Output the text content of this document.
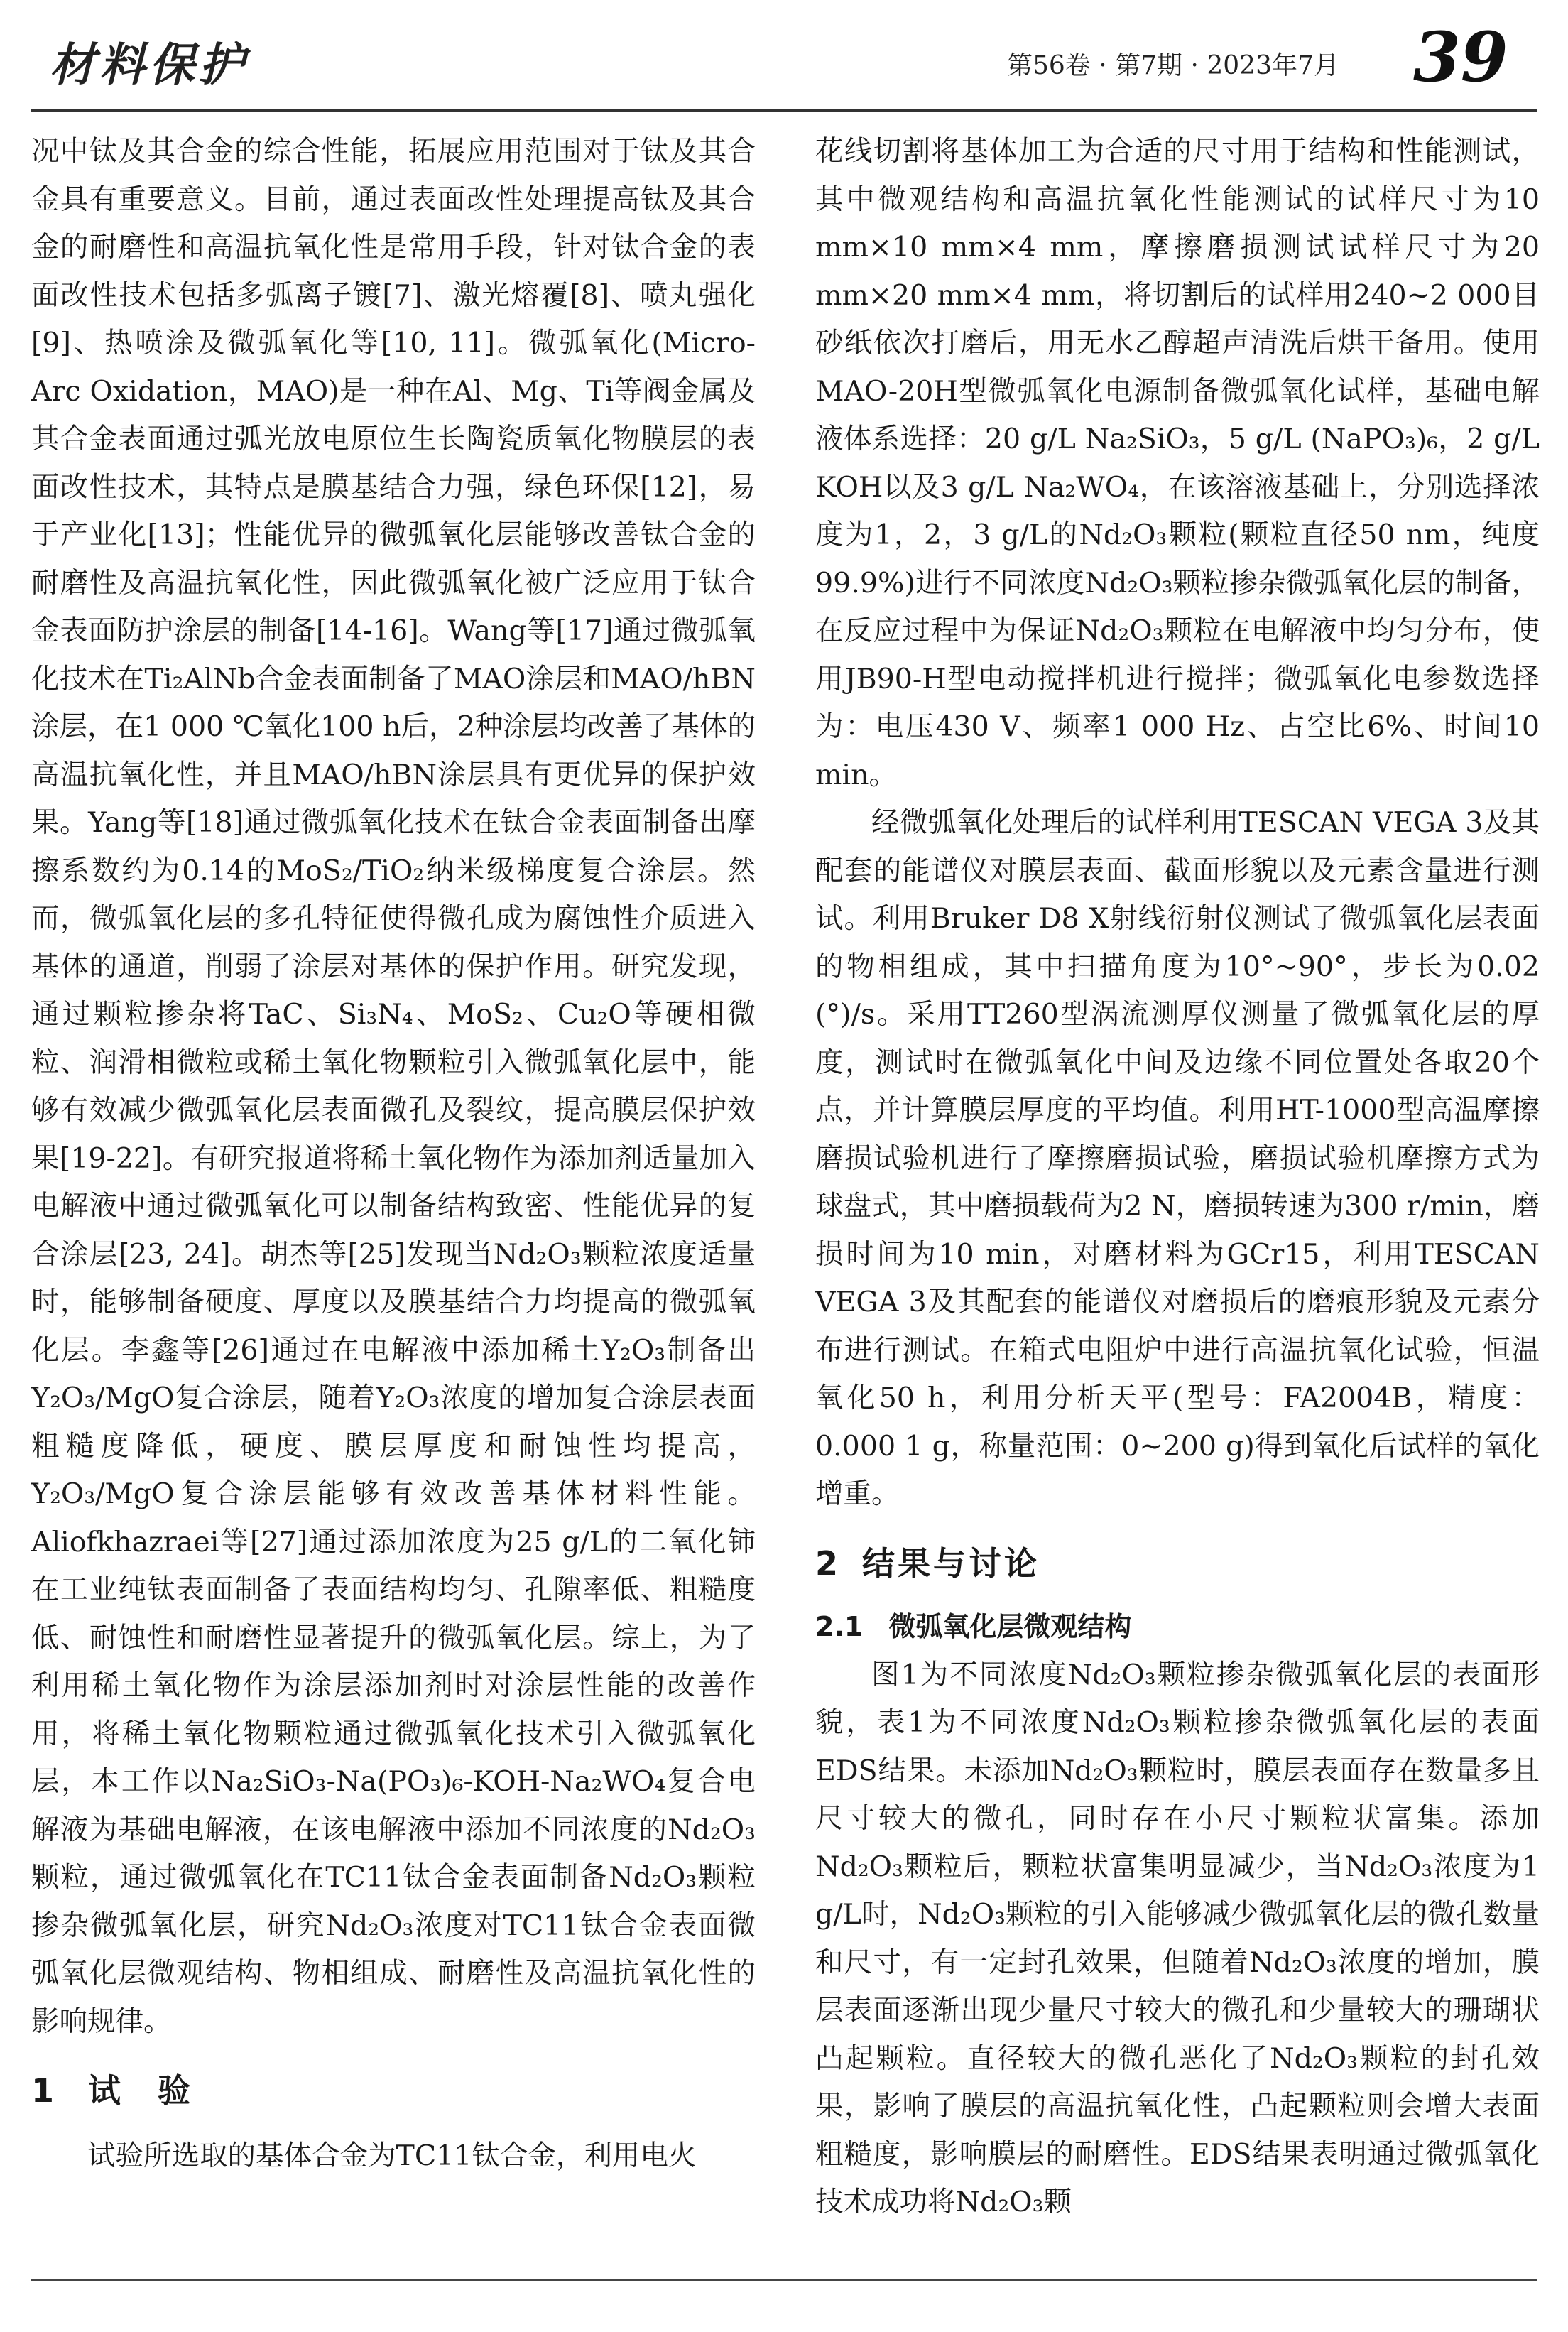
材料保护	第56卷 · 第7期 · 2023年7月 39

况中钛及其合金的综合性能，拓展应用范围对于钛及其合金具有重要意义。目前，通过表面改性处理提高钛及其合金的耐磨性和高温抗氧化性是常用手段，针对钛合金的表面改性技术包括多弧离子镀[7]、激光熔覆[8]、喷丸强化[9]、热喷涂及微弧氧化等[10, 11]。微弧氧化(Micro-Arc Oxidation，MAO)是一种在Al、Mg、Ti等阀金属及其合金表面通过弧光放电原位生长陶瓷质氧化物膜层的表面改性技术，其特点是膜基结合力强，绿色环保[12]，易于产业化[13]；性能优异的微弧氧化层能够改善钛合金的耐磨性及高温抗氧化性，因此微弧氧化被广泛应用于钛合金表面防护涂层的制备[14-16]。Wang等[17]通过微弧氧化技术在Ti₂AlNb合金表面制备了MAO涂层和MAO/hBN涂层，在1 000 ℃氧化100 h后，2种涂层均改善了基体的高温抗氧化性，并且MAO/hBN涂层具有更优异的保护效果。Yang等[18]通过微弧氧化技术在钛合金表面制备出摩擦系数约为0.14的MoS₂/TiO₂纳米级梯度复合涂层。然而，微弧氧化层的多孔特征使得微孔成为腐蚀性介质进入基体的通道，削弱了涂层对基体的保护作用。研究发现，通过颗粒掺杂将TaC、Si₃N₄、MoS₂、Cu₂O等硬相微粒、润滑相微粒或稀土氧化物颗粒引入微弧氧化层中，能够有效减少微弧氧化层表面微孔及裂纹，提高膜层保护效果[19-22]。有研究报道将稀土氧化物作为添加剂适量加入电解液中通过微弧氧化可以制备结构致密、性能优异的复合涂层[23, 24]。胡杰等[25]发现当Nd₂O₃颗粒浓度适量时，能够制备硬度、厚度以及膜基结合力均提高的微弧氧化层。李鑫等[26]通过在电解液中添加稀土Y₂O₃制备出Y₂O₃/MgO复合涂层，随着Y₂O₃浓度的增加复合涂层表面粗糙度降低，硬度、膜层厚度和耐蚀性均提高，Y₂O₃/MgO复合涂层能够有效改善基体材料性能。Aliofkhazraei等[27]通过添加浓度为25 g/L的二氧化铈在工业纯钛表面制备了表面结构均匀、孔隙率低、粗糙度低、耐蚀性和耐磨性显著提升的微弧氧化层。综上，为了利用稀土氧化物作为涂层添加剂时对涂层性能的改善作用，将稀土氧化物颗粒通过微弧氧化技术引入微弧氧化层，本工作以Na₂SiO₃-Na(PO₃)₆-KOH-Na₂WO₄复合电解液为基础电解液，在该电解液中添加不同浓度的Nd₂O₃颗粒，通过微弧氧化在TC11钛合金表面制备Nd₂O₃颗粒掺杂微弧氧化层，研究Nd₂O₃浓度对TC11钛合金表面微弧氧化层微观结构、物相组成、耐磨性及高温抗氧化性的影响规律。

1 试 验

试验所选取的基体合金为TC11钛合金，利用电火

花线切割将基体加工为合适的尺寸用于结构和性能测试，其中微观结构和高温抗氧化性能测试的试样尺寸为10 mm×10 mm×4 mm，摩擦磨损测试试样尺寸为20 mm×20 mm×4 mm，将切割后的试样用240~2 000目砂纸依次打磨后，用无水乙醇超声清洗后烘干备用。使用MAO-20H型微弧氧化电源制备微弧氧化试样，基础电解液体系选择：20 g/L Na₂SiO₃，5 g/L (NaPO₃)₆，2 g/L KOH以及3 g/L Na₂WO₄，在该溶液基础上，分别选择浓度为1，2，3 g/L的Nd₂O₃颗粒(颗粒直径50 nm，纯度99.9%)进行不同浓度Nd₂O₃颗粒掺杂微弧氧化层的制备，在反应过程中为保证Nd₂O₃颗粒在电解液中均匀分布，使用JB90-H型电动搅拌机进行搅拌；微弧氧化电参数选择为：电压430 V、频率1 000 Hz、占空比6%、时间10 min。

经微弧氧化处理后的试样利用TESCAN VEGA 3及其配套的能谱仪对膜层表面、截面形貌以及元素含量进行测试。利用Bruker D8 X射线衍射仪测试了微弧氧化层表面的物相组成，其中扫描角度为10°~90°，步长为0.02 (°)/s。采用TT260型涡流测厚仪测量了微弧氧化层的厚度，测试时在微弧氧化中间及边缘不同位置处各取20个点，并计算膜层厚度的平均值。利用HT-1000型高温摩擦磨损试验机进行了摩擦磨损试验，磨损试验机摩擦方式为球盘式，其中磨损载荷为2 N，磨损转速为300 r/min，磨损时间为10 min，对磨材料为GCr15，利用TESCAN VEGA 3及其配套的能谱仪对磨损后的磨痕形貌及元素分布进行测试。在箱式电阻炉中进行高温抗氧化试验，恒温氧化50 h，利用分析天平(型号：FA2004B，精度：0.000 1 g，称量范围：0~200 g)得到氧化后试样的氧化增重。

2 结果与讨论
2.1 微弧氧化层微观结构

图1为不同浓度Nd₂O₃颗粒掺杂微弧氧化层的表面形貌，表1为不同浓度Nd₂O₃颗粒掺杂微弧氧化层的表面EDS结果。未添加Nd₂O₃颗粒时，膜层表面存在数量多且尺寸较大的微孔，同时存在小尺寸颗粒状富集。添加Nd₂O₃颗粒后，颗粒状富集明显减少，当Nd₂O₃浓度为1 g/L时，Nd₂O₃颗粒的引入能够减少微弧氧化层的微孔数量和尺寸，有一定封孔效果，但随着Nd₂O₃浓度的增加，膜层表面逐渐出现少量尺寸较大的微孔和少量较大的珊瑚状凸起颗粒。直径较大的微孔恶化了Nd₂O₃颗粒的封孔效果，影响了膜层的高温抗氧化性，凸起颗粒则会增大表面粗糙度，影响膜层的耐磨性。EDS结果表明通过微弧氧化技术成功将Nd₂O₃颗
